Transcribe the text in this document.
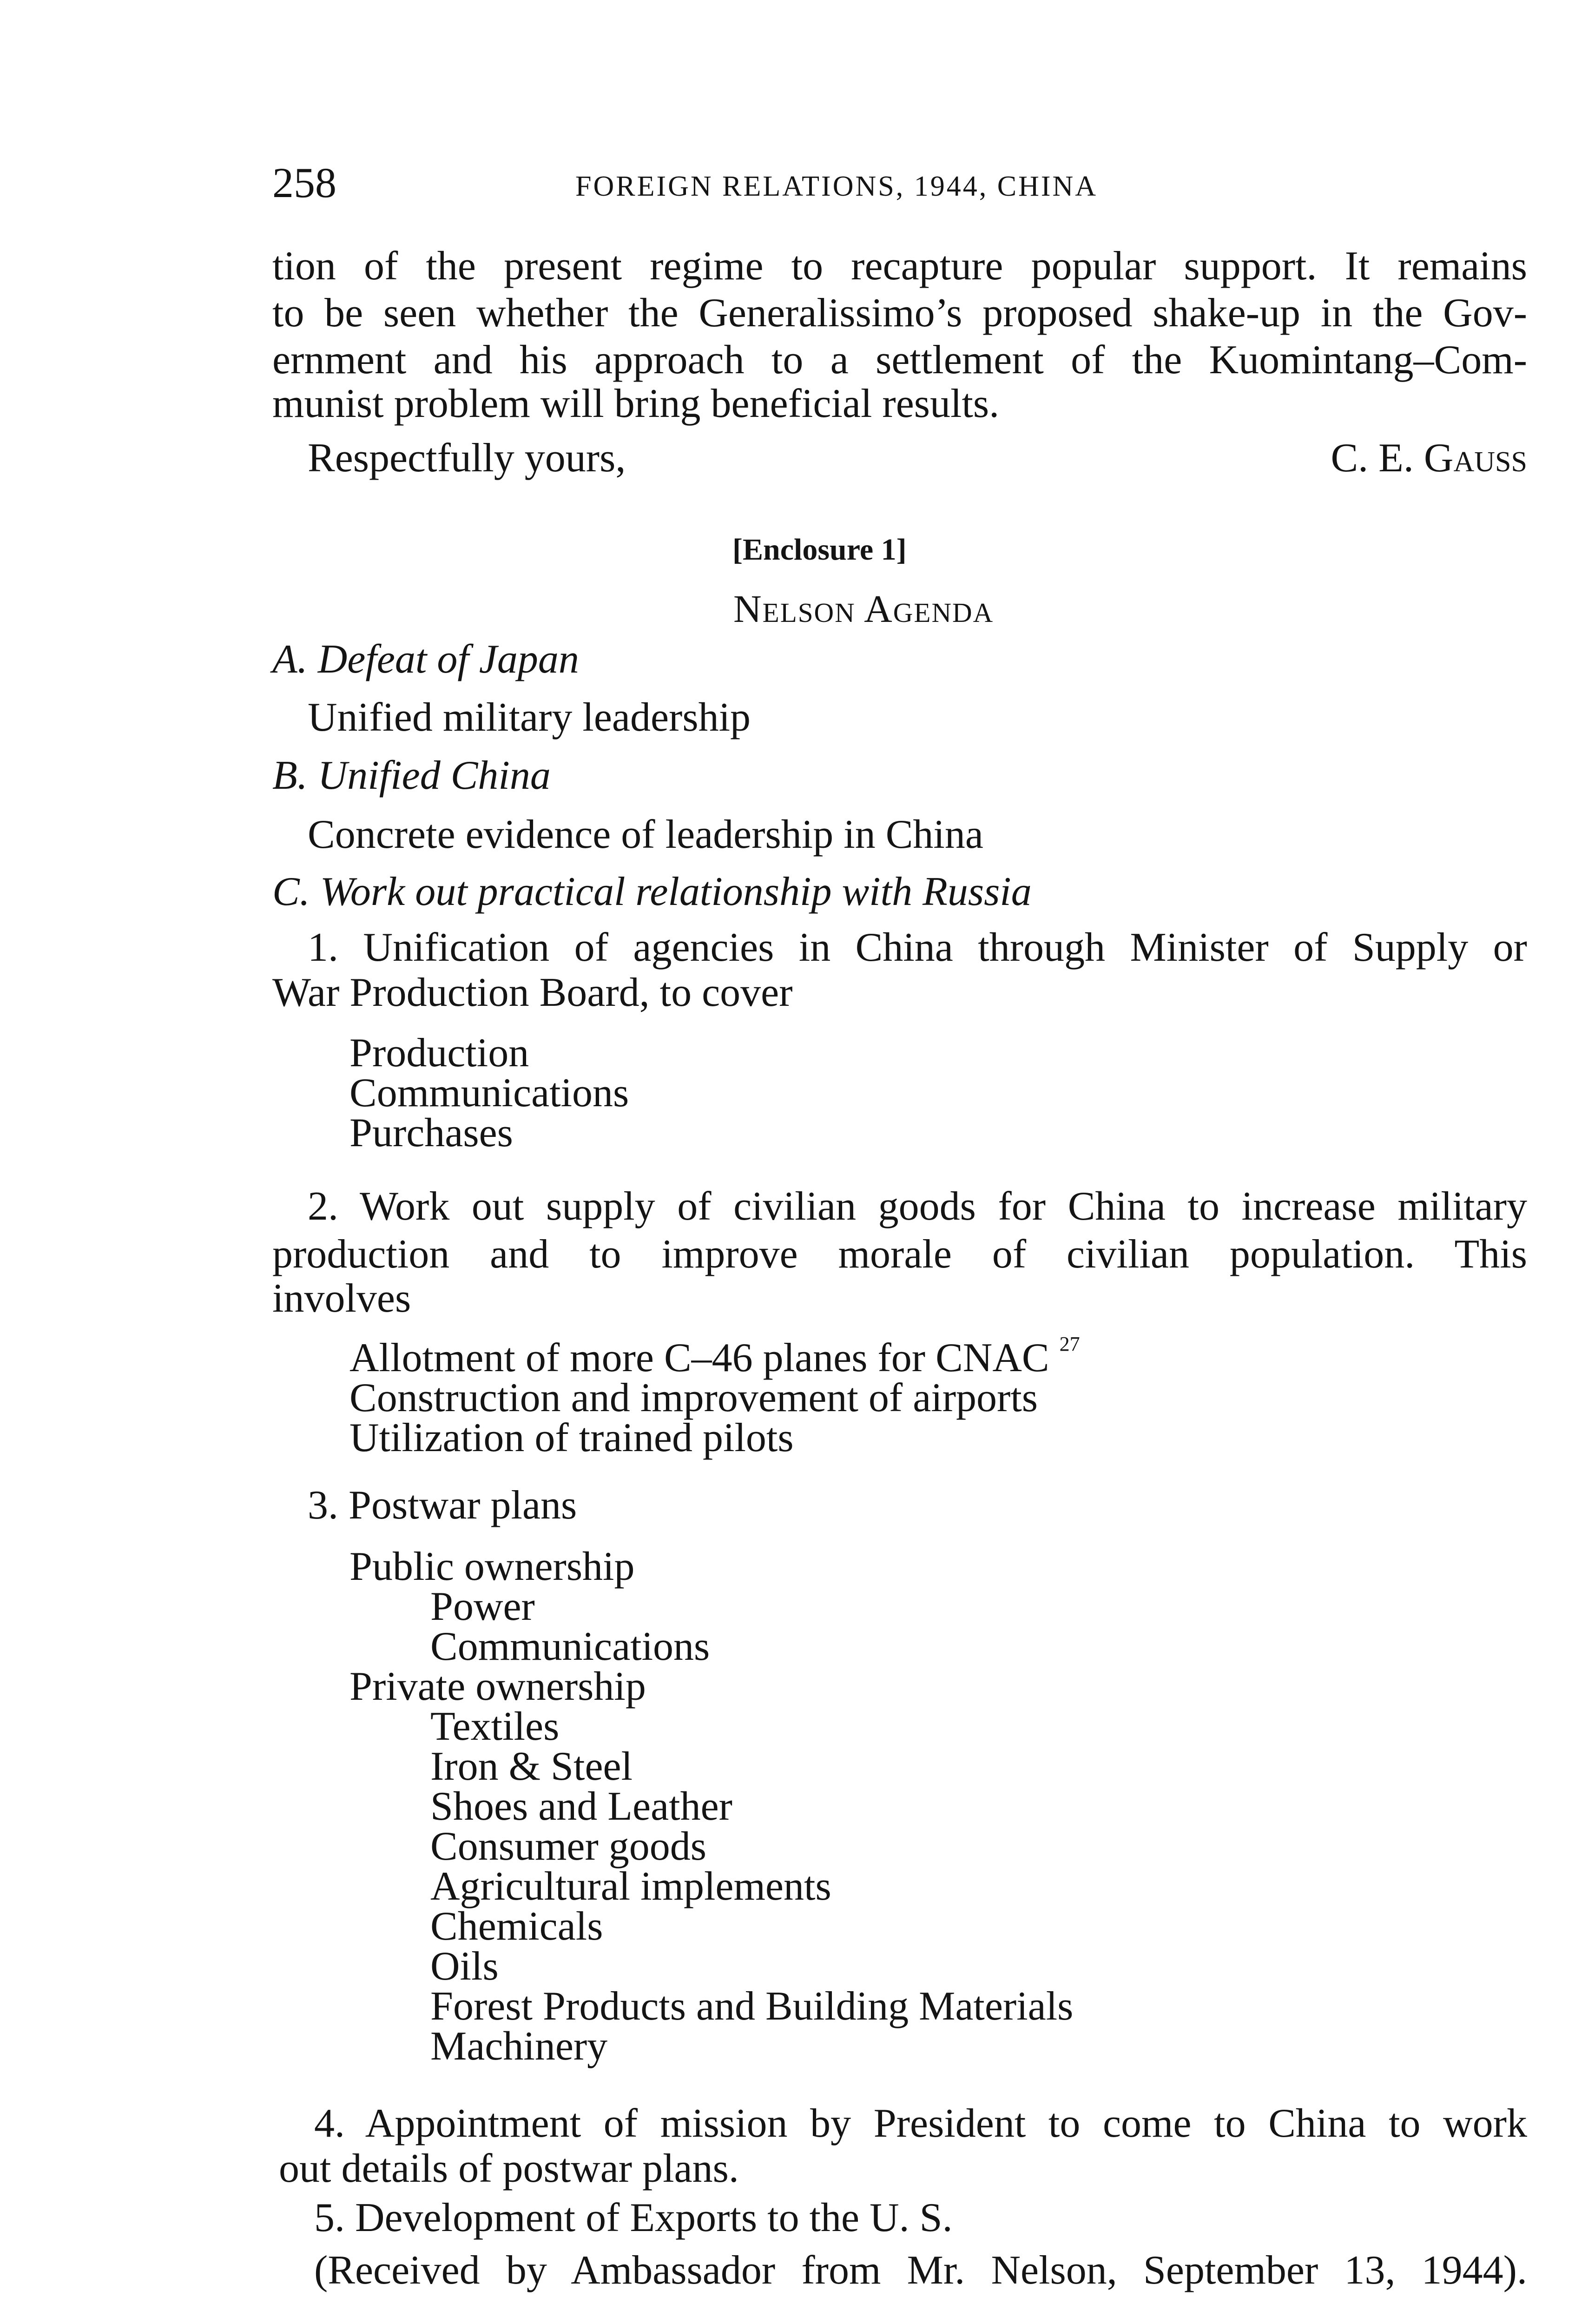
258	FOREIGN RELATIONS, 1944, CHINA
tion of the present regime to recapture popular support. It remains
to be seen whether the Generalissimo’s proposed shake-up in the Gov-
ernment and his approach to a settlement of the Kuomintang–Com-
munist problem will bring beneficial results.
Respectfully yours,	C. E. Gauss
[Enclosure 1]
Nelson Agenda
A. Defeat of Japan
Unified military leadership
B. Unified China
Concrete evidence of leadership in China
C. Work out practical relationship with Russia
1. Unification of agencies in China through Minister of Supply or
War Production Board, to cover
Production
Communications
Purchases
2. Work out supply of civilian goods for China to increase military
production and to improve morale of civilian population. This
involves
Allotment of more C–46 planes for CNAC $^{27}$
Construction and improvement of airports
Utilization of trained pilots
3. Postwar plans
Public ownership
Power
Communications
Private ownership
Textiles
Iron & Steel
Shoes and Leather
Consumer goods
Agricultural implements
Chemicals
Oils
Forest Products and Building Materials
Machinery
4. Appointment of mission by President to come to China to work
out details of postwar plans.
5. Development of Exports to the U. S.
(Received by Ambassador from Mr. Nelson, September 13, 1944).
